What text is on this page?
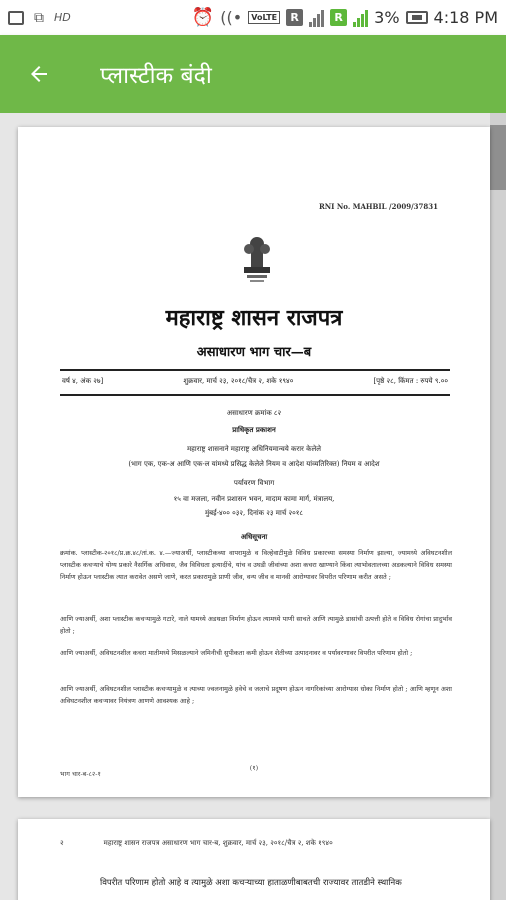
⧉ HD	⏰ ((•	VoLTE	R	R 3% 4:18 PM
प्लास्टीक बंदी
RNI No. MAHBIL /2009/37831
महाराष्ट्र शासन राजपत्र
असाधारण भाग चार—ब
वर्ष ४, अंक २७]	शुक्रवार, मार्च २३, २०१८/चैत्र २, शके १९४०	[पृष्ठे २८, किंमत : रुपये ९.००
असाधारण क्रमांक ८२
प्राधिकृत प्रकाशन
महाराष्ट्र शासनाने महाराष्ट्र अधिनियमान्वये करार केलेले
(भाग एक, एक-अ आणि एक-ल यांमध्ये प्रसिद्ध केलेले नियम व आदेश यांव्यतिरिक्त) नियम व आदेश
पर्यावरण विभाग
१५ वा मजला, नवीन प्रशासन भवन, मादाम कामा मार्ग, मंत्रालय,
मुंबई-४०० ०३२, दिनांक २३ मार्च २०१८
अधिसूचना
क्रमांक. प्लास्टीक-२०१८/प्र.क्र.४८/तां.क. ४.—ज्याअर्थी, प्लास्टीकच्या वापरामुळे व विल्हेवाटीमुळे विविध प्रकारच्या समस्या निर्माण झाल्या, ज्यामध्ये अविघटनशील प्लास्टीक कचऱ्याचे योग्य प्रकारे नैसर्गिक अधिवास, जैव विविधता इत्यादींचे, यांच व उघडी जीवांच्या अशा कचरा खाण्याने किंवा त्याभोवतालच्या अडकल्याने विविध समस्या निर्माण होऊन प्लास्टीक त्यात करावेत असणे जाणे, करत प्रकारामुळे प्राणी जीव, वन्य जीव व मानवी आरोग्यावर विपरीत परिणाम करीत असते ;
आणि ज्याअर्थी, अशा प्लास्टीक कचऱ्यामुळे गटारे, नाले यामध्ये अडथळा निर्माण होऊन त्यामध्ये पाणी साचते आणि त्यामुळे डासांची उत्पत्ती होते व विविध रोगांचा प्रादुर्भाव होतो ;
आणि ज्याअर्थी, अविघटनशील कचरा मातीमध्ये मिसळल्याने जमिनीची सुपीकता कमी होऊन शेतीच्या उत्पादनावर व पर्यावरणावर विपरीत परिणाम होतो ;
आणि ज्याअर्थी, अविघटनशील प्लास्टीक कचऱ्यामुळे व त्याच्या ज्वलनामुळे हवेचे व जलाचे प्रदूषण होऊन नागरिकांच्या आरोग्यास धोका निर्माण होतो ; आणि म्हणून अशा अविघटनशील कचऱ्यावर नियंत्रण आणणे आवश्यक आहे ;
(१)
भाग चार-ब-८२-१
२	महाराष्ट्र शासन राजपत्र असाधारण भाग चार-ब, शुक्रवार, मार्च २३, २०१८/चैत्र २, शके १९४०
विपरीत परिणाम होतो आहे व त्यामुळे अशा कचऱ्याच्या हाताळणीबाबतची राज्यावर तातडीने स्थानिक
